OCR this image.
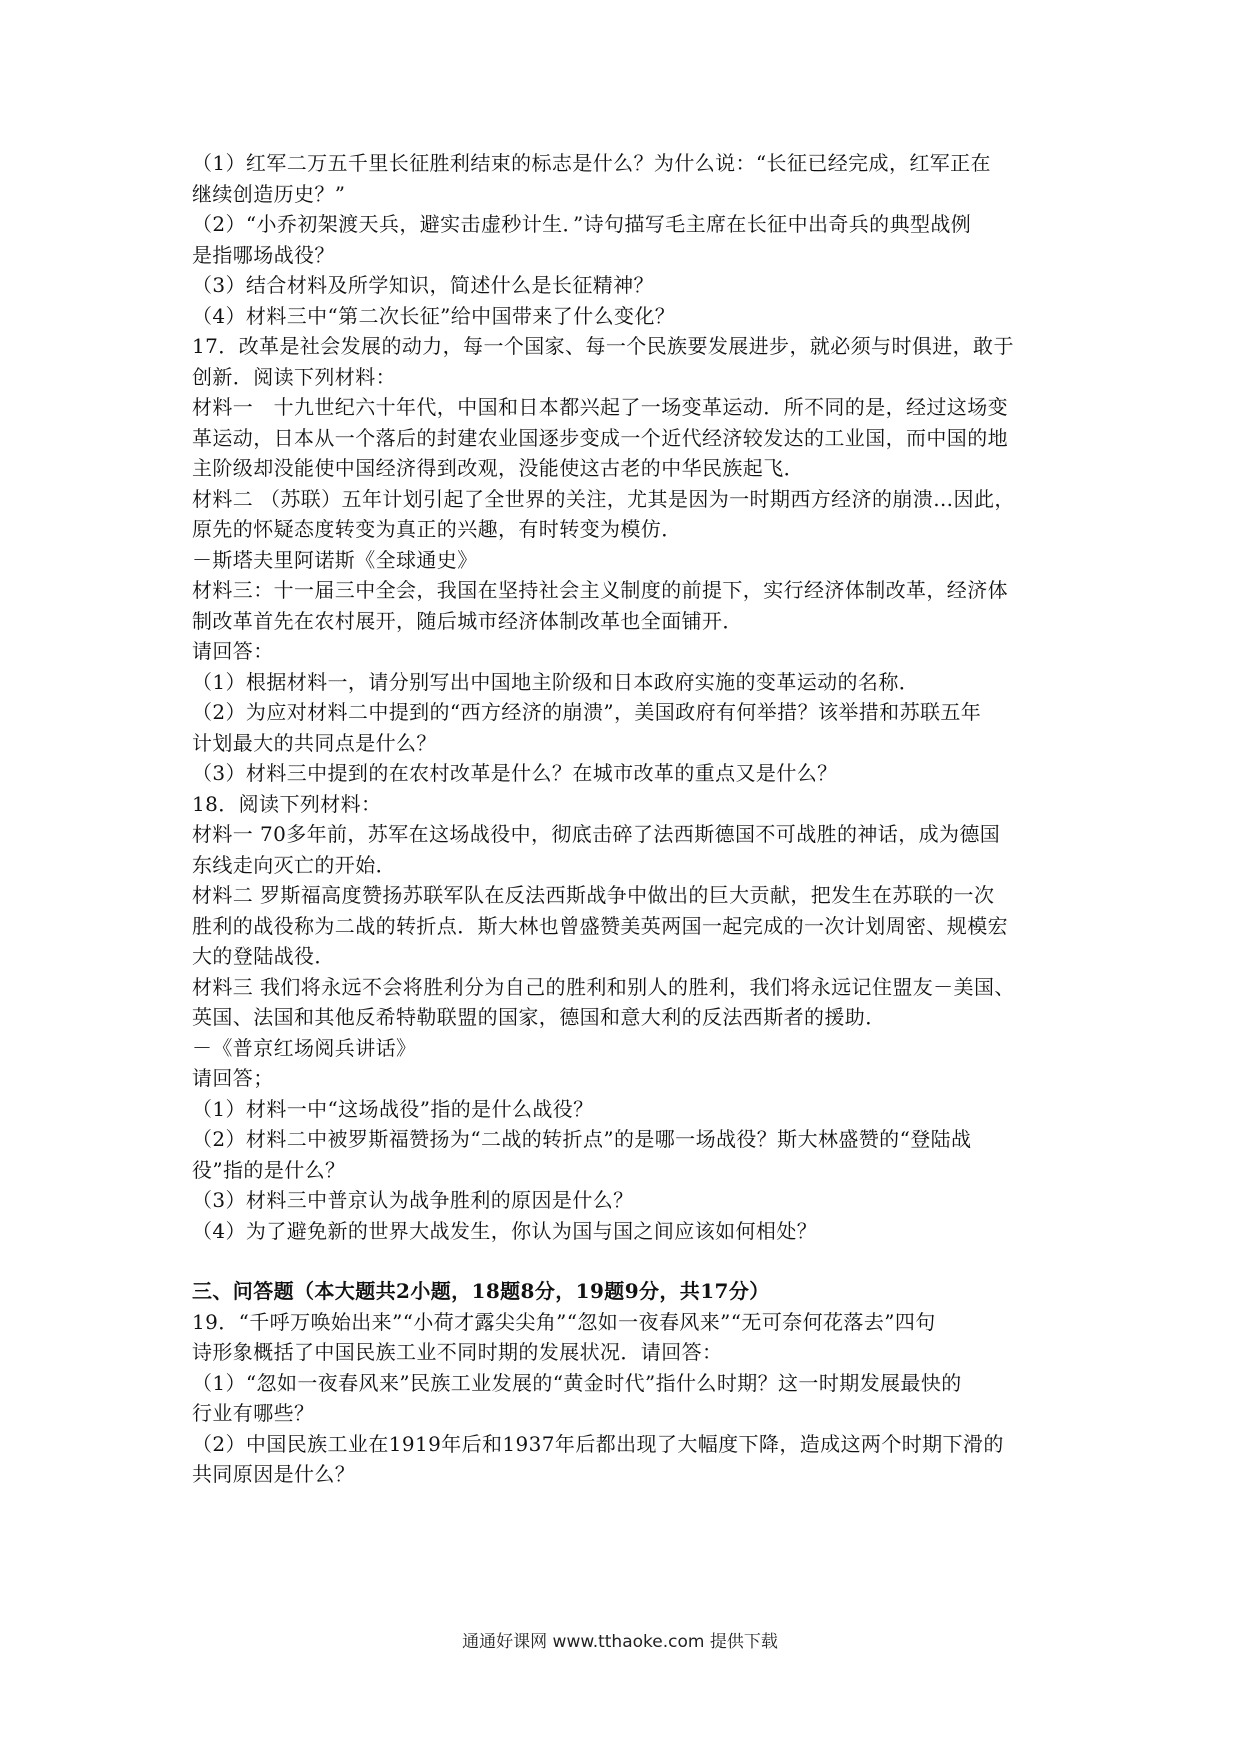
（1）红军二万五千里长征胜利结束的标志是什么？为什么说：“长征已经完成，红军正在
继续创造历史？”
（2）“小乔初架渡天兵，避实击虚秒计生．”诗句描写毛主席在长征中出奇兵的典型战例
是指哪场战役？
（3）结合材料及所学知识，简述什么是长征精神？
（4）材料三中“第二次长征”给中国带来了什么变化？
17．改革是社会发展的动力，每一个国家、每一个民族要发展进步，就必须与时俱进，敢于
创新．阅读下列材料：
材料一　十九世纪六十年代，中国和日本都兴起了一场变革运动．所不同的是，经过这场变
革运动，日本从一个落后的封建农业国逐步变成一个近代经济较发达的工业国，而中国的地
主阶级却没能使中国经济得到改观，没能使这古老的中华民族起飞．
材料二 （苏联）五年计划引起了全世界的关注，尤其是因为一时期西方经济的崩溃…因此，
原先的怀疑态度转变为真正的兴趣，有时转变为模仿．
－斯塔夫里阿诺斯《全球通史》
材料三：十一届三中全会，我国在坚持社会主义制度的前提下，实行经济体制改革，经济体
制改革首先在农村展开，随后城市经济体制改革也全面铺开．
请回答：
（1）根据材料一，请分别写出中国地主阶级和日本政府实施的变革运动的名称．
（2）为应对材料二中提到的“西方经济的崩溃”，美国政府有何举措？该举措和苏联五年
计划最大的共同点是什么？
（3）材料三中提到的在农村改革是什么？在城市改革的重点又是什么？
18．阅读下列材料：
材料一 70多年前，苏军在这场战役中，彻底击碎了法西斯德国不可战胜的神话，成为德国
东线走向灭亡的开始．
材料二 罗斯福高度赞扬苏联军队在反法西斯战争中做出的巨大贡献，把发生在苏联的一次
胜利的战役称为二战的转折点．斯大林也曾盛赞美英两国一起完成的一次计划周密、规模宏
大的登陆战役．
材料三 我们将永远不会将胜利分为自己的胜利和别人的胜利，我们将永远记住盟友－美国、
英国、法国和其他反希特勒联盟的国家，德国和意大利的反法西斯者的援助．
－《普京红场阅兵讲话》
请回答；
（1）材料一中“这场战役”指的是什么战役？
（2）材料二中被罗斯福赞扬为“二战的转折点”的是哪一场战役？斯大林盛赞的“登陆战
役”指的是什么？
（3）材料三中普京认为战争胜利的原因是什么？
（4）为了避免新的世界大战发生，你认为国与国之间应该如何相处？
三、问答题（本大题共2小题，18题8分，19题9分，共17分）
19．“千呼万唤始出来”“小荷才露尖尖角”“忽如一夜春风来”“无可奈何花落去”四句
诗形象概括了中国民族工业不同时期的发展状况．请回答：
（1）“忽如一夜春风来”民族工业发展的“黄金时代”指什么时期？这一时期发展最快的
行业有哪些？
（2）中国民族工业在1919年后和1937年后都出现了大幅度下降，造成这两个时期下滑的
共同原因是什么？
通通好课网 www.tthaoke.com 提供下载
